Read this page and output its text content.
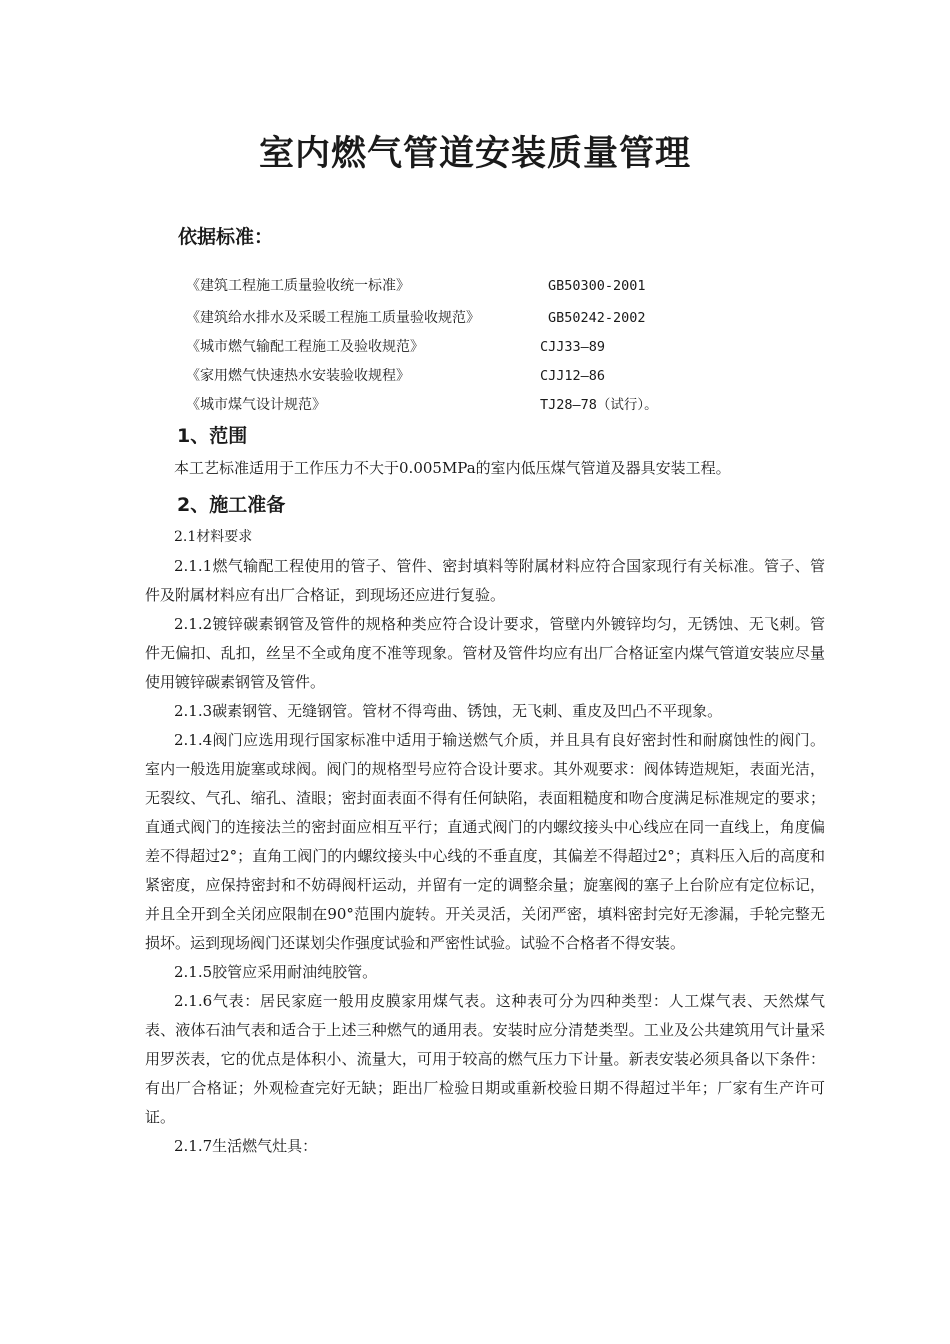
室内燃气管道安装质量管理
依据标准：
《建筑工程施工质量验收统一标准》	GB50300-2001
《建筑给水排水及采暖工程施工质量验收规范》	GB50242-2002
《城市燃气输配工程施工及验收规范》	CJJ33—89
《家用燃气快速热水安装验收规程》	CJJ12—86
《城市煤气设计规范》	TJ28—78（试行）。
1、范围

本工艺标准适用于工作压力不大于0.005MPa的室内低压煤气管道及器具安装工程。

2、施工准备

2.1材料要求

2.1.1燃气输配工程使用的管子、管件、密封填料等附属材料应符合国家现行有关标准。管子、管件及附属材料应有出厂合格证，到现场还应进行复验。

2.1.2镀锌碳素钢管及管件的规格种类应符合设计要求，管壁内外镀锌均匀，无锈蚀、无飞刺。管件无偏扣、乱扣，丝呈不全或角度不准等现象。管材及管件均应有出厂合格证室内煤气管道安装应尽量使用镀锌碳素钢管及管件。

2.1.3碳素钢管、无缝钢管。管材不得弯曲、锈蚀，无飞刺、重皮及凹凸不平现象。

2.1.4阀门应选用现行国家标准中适用于输送燃气介质，并且具有良好密封性和耐腐蚀性的阀门。室内一般选用旋塞或球阀。阀门的规格型号应符合设计要求。其外观要求：阀体铸造规矩，表面光洁，无裂纹、气孔、缩孔、渣眼；密封面表面不得有任何缺陷，表面粗糙度和吻合度满足标准规定的要求；直通式阀门的连接法兰的密封面应相互平行；直通式阀门的内螺纹接头中心线应在同一直线上，角度偏差不得超过2°；直角工阀门的内螺纹接头中心线的不垂直度，其偏差不得超过2°；真料压入后的高度和紧密度，应保持密封和不妨碍阀杆运动，并留有一定的调整余量；旋塞阀的塞子上台阶应有定位标记，并且全开到全关闭应限制在90°范围内旋转。开关灵活，关闭严密，填料密封完好无渗漏，手轮完整无损坏。运到现场阀门还谋划尖作强度试验和严密性试验。试验不合格者不得安装。

2.1.5胶管应采用耐油纯胶管。

2.1.6气表：居民家庭一般用皮膜家用煤气表。这种表可分为四种类型：人工煤气表、天然煤气表、液体石油气表和适合于上述三种燃气的通用表。安装时应分清楚类型。工业及公共建筑用气计量采用罗茨表，它的优点是体积小、流量大，可用于较高的燃气压力下计量。新表安装必须具备以下条件：有出厂合格证；外观检查完好无缺；距出厂检验日期或重新校验日期不得超过半年；厂家有生产许可证。

2.1.7生活燃气灶具：
